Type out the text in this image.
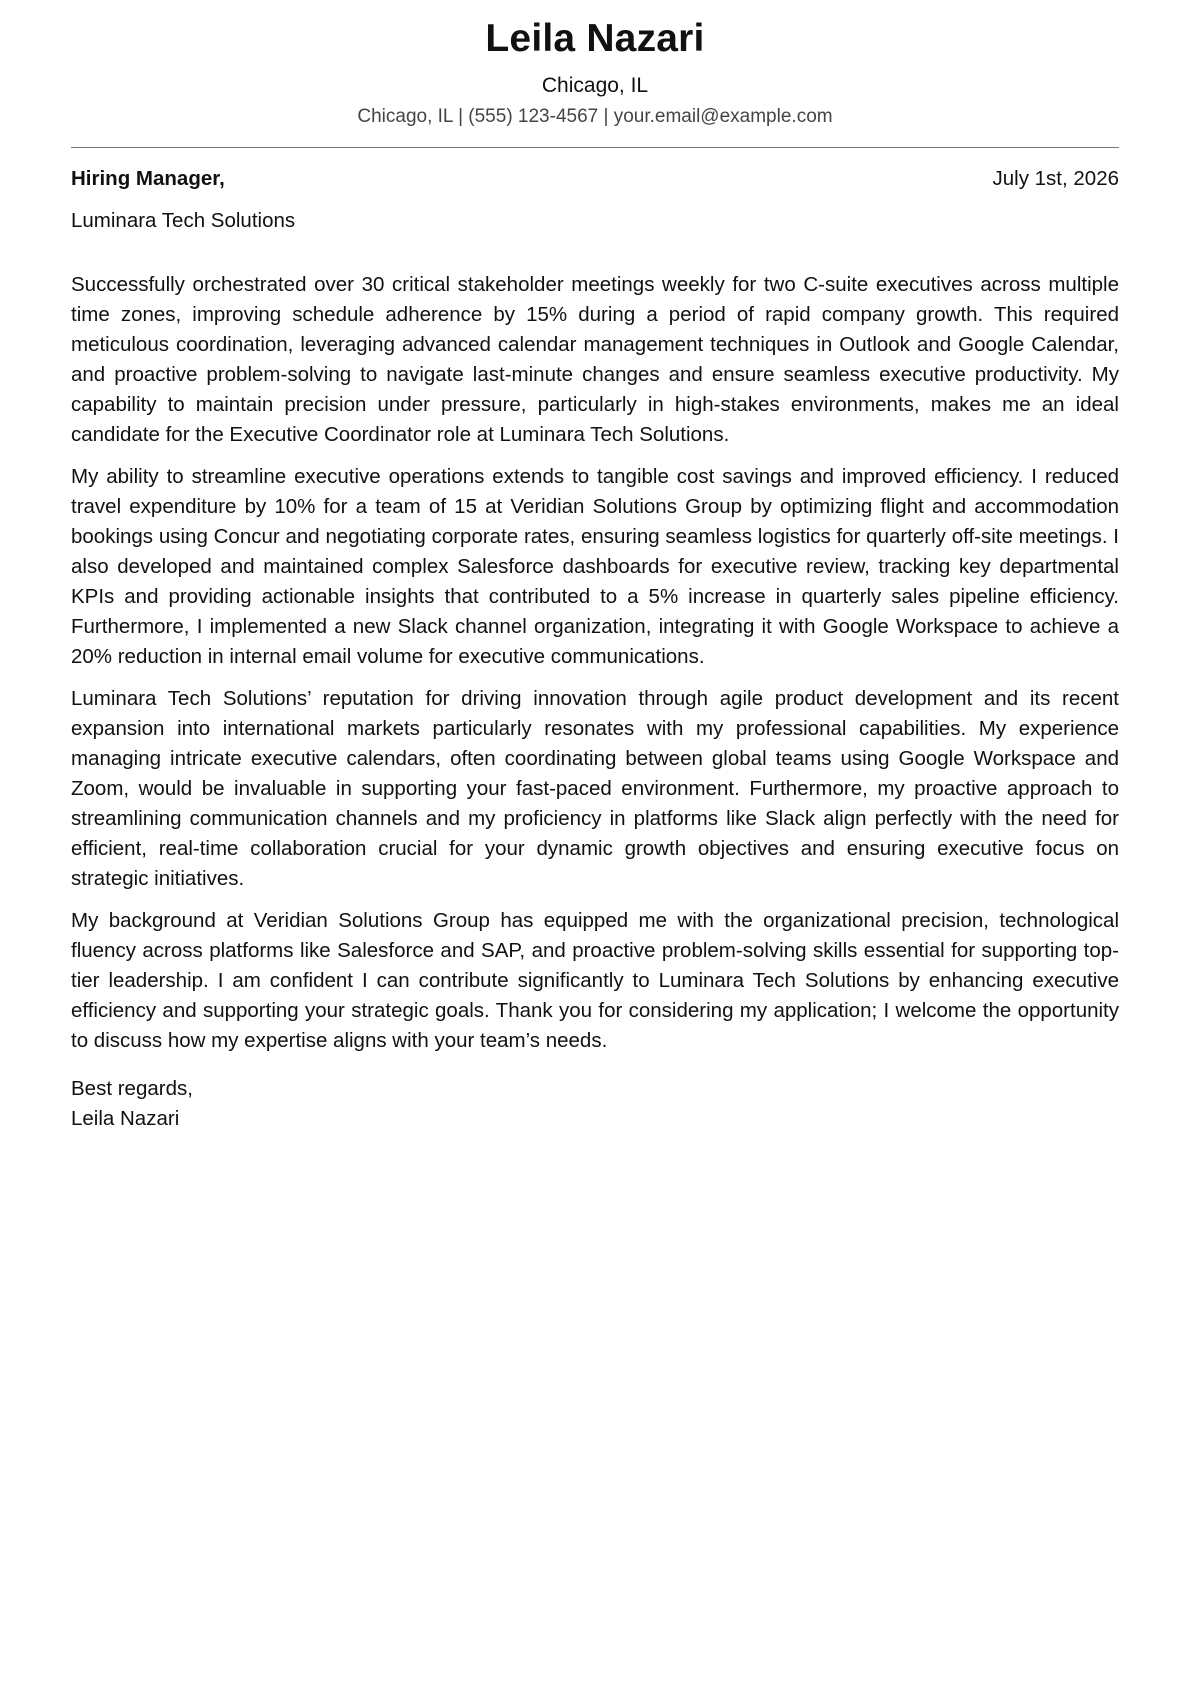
Leila Nazari
Chicago, IL
Chicago, IL | (555) 123-4567 | your.email@example.com
Hiring Manager,	July 1st, 2026
Luminara Tech Solutions

Successfully orchestrated over 30 critical stakeholder meetings weekly for two C-suite executives across multiple time zones, improving schedule adherence by 15% during a period of rapid company growth. This required meticulous coordination, leveraging advanced calendar management techniques in Outlook and Google Calendar, and proactive problem-solving to navigate last-minute changes and ensure seamless executive productivity. My capability to maintain precision under pressure, particularly in high-stakes environments, makes me an ideal candidate for the Executive Coordinator role at Luminara Tech Solutions.

My ability to streamline executive operations extends to tangible cost savings and improved efficiency. I reduced travel expenditure by 10% for a team of 15 at Veridian Solutions Group by optimizing flight and accommodation bookings using Concur and negotiating corporate rates, ensuring seamless logistics for quarterly off-site meetings. I also developed and maintained complex Salesforce dashboards for executive review, tracking key departmental KPIs and providing actionable insights that contributed to a 5% increase in quarterly sales pipeline efficiency. Furthermore, I implemented a new Slack channel organization, integrating it with Google Workspace to achieve a 20% reduction in internal email volume for executive communications.

Luminara Tech Solutions’ reputation for driving innovation through agile product development and its recent expansion into international markets particularly resonates with my professional capabilities. My experience managing intricate executive calendars, often coordinating between global teams using Google Workspace and Zoom, would be invaluable in supporting your fast-paced environment. Furthermore, my proactive approach to streamlining communication channels and my proficiency in platforms like Slack align perfectly with the need for efficient, real-time collaboration crucial for your dynamic growth objectives and ensuring executive focus on strategic initiatives.

My background at Veridian Solutions Group has equipped me with the organizational precision, technological fluency across platforms like Salesforce and SAP, and proactive problem-solving skills essential for supporting top-tier leadership. I am confident I can contribute significantly to Luminara Tech Solutions by enhancing executive efficiency and supporting your strategic goals. Thank you for considering my application; I welcome the opportunity to discuss how my expertise aligns with your team’s needs.

Best regards,
Leila Nazari
